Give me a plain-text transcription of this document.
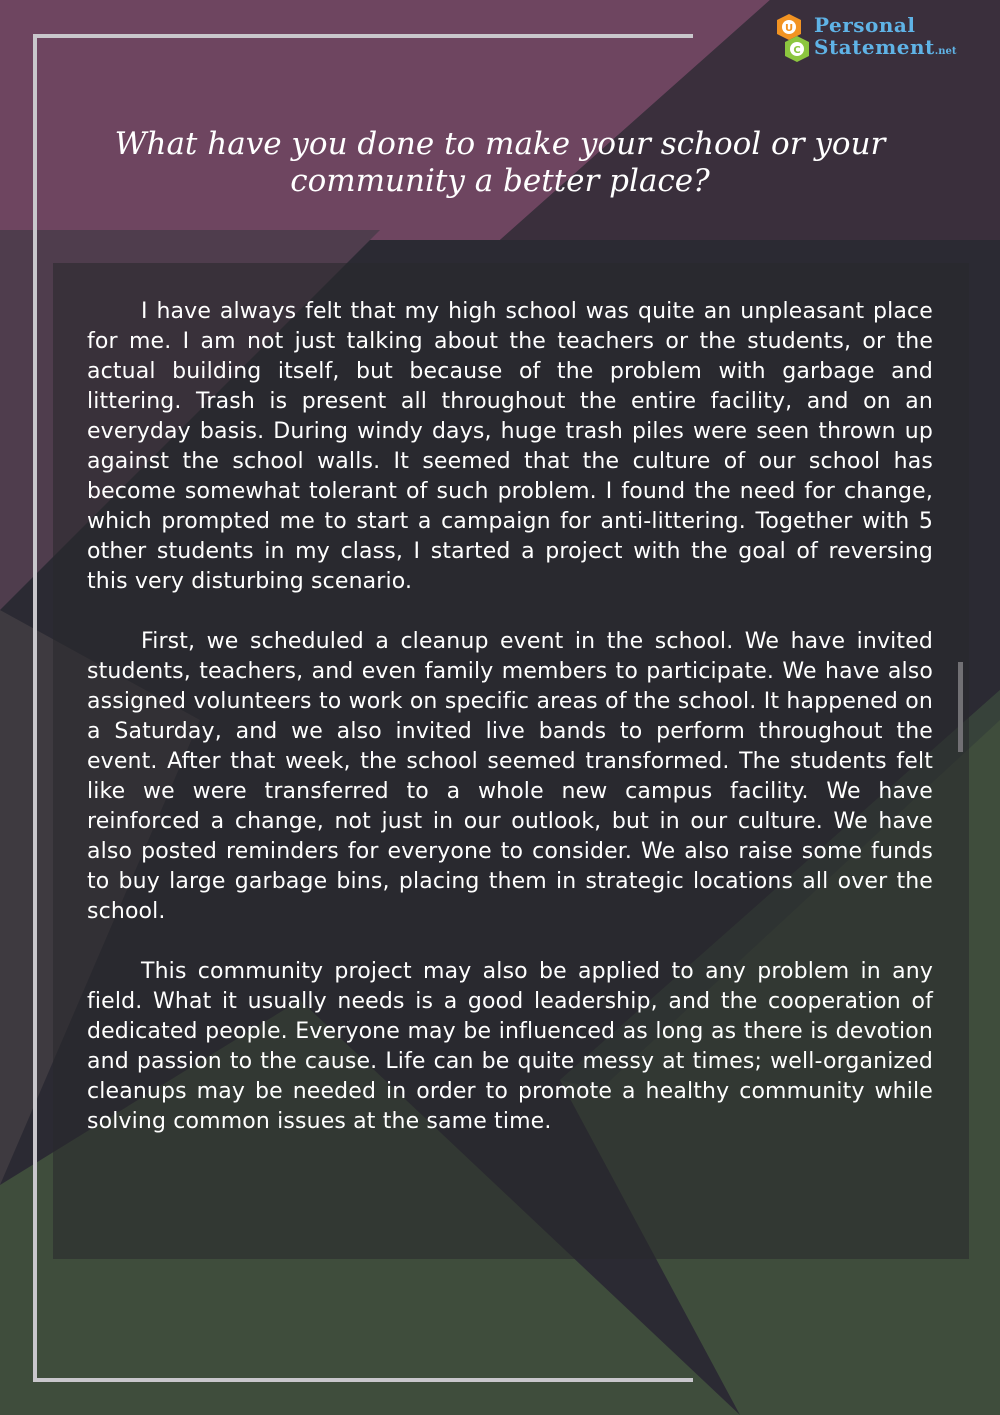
U
C
Personal
Statement.net
What have you done to make your school or your community a better place?

I have always felt that my high school was quite an unpleasant place for me. I am not just talking about the teachers or the students, or the actual building itself, but because of the problem with garbage and littering. Trash is present all throughout the entire facility, and on an everyday basis. During windy days, huge trash piles were seen thrown up against the school walls. It seemed that the culture of our school has become somewhat tolerant of such problem. I found the need for change, which prompted me to start a campaign for anti-littering. Together with 5 other students in my class, I started a project with the goal of reversing this very disturbing scenario.

First, we scheduled a cleanup event in the school. We have invited students, teachers, and even family members to participate. We have also assigned volunteers to work on specific areas of the school. It happened on a Saturday, and we also invited live bands to perform throughout the event. After that week, the school seemed transformed. The students felt like we were transferred to a whole new campus facility. We have reinforced a change, not just in our outlook, but in our culture. We have also posted reminders for everyone to consider. We also raise some funds to buy large garbage bins, placing them in strategic locations all over the school.

This community project may also be applied to any problem in any field. What it usually needs is a good leadership, and the cooperation of dedicated people. Everyone may be influenced as long as there is devotion and passion to the cause. Life can be quite messy at times; well-organized cleanups may be needed in order to promote a healthy community while solving common issues at the same time.
